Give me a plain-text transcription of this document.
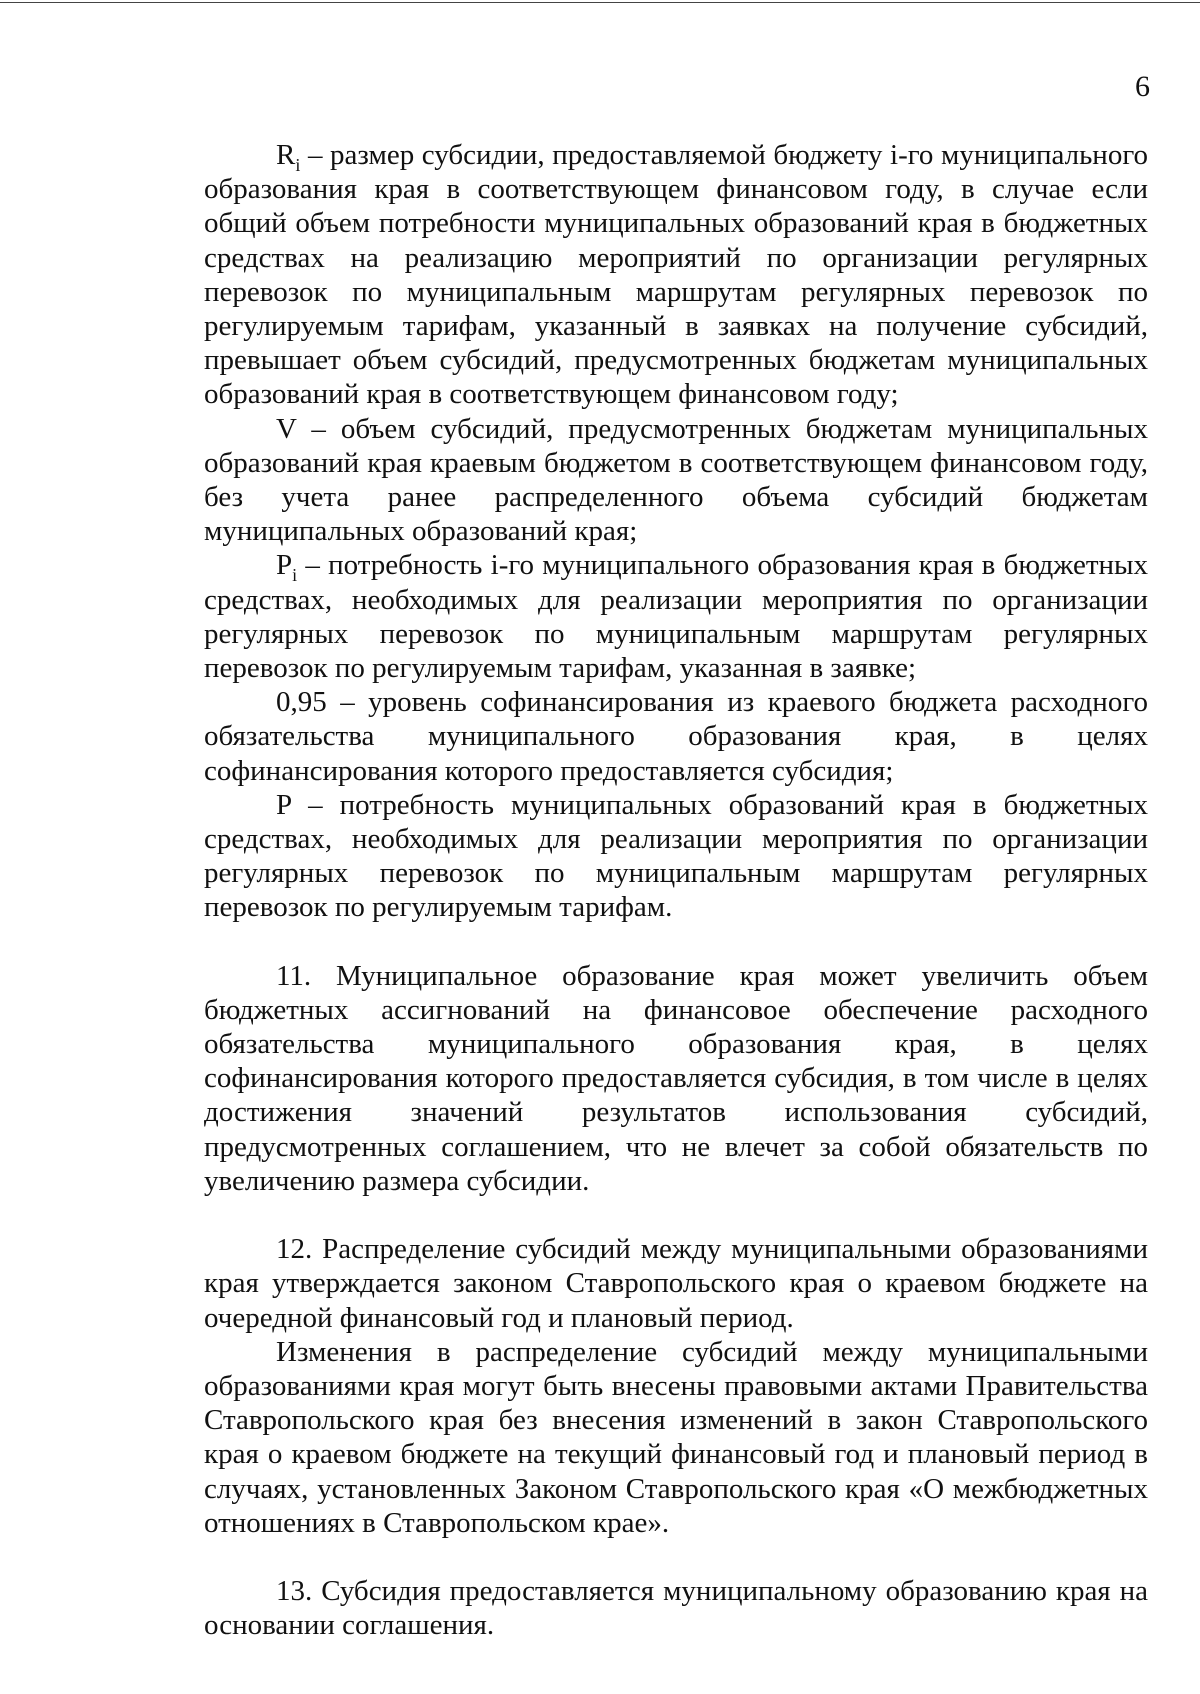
6

$R_i$ – размер субсидии, предоставляемой бюджету i-го муниципального образования края в соответствующем финансовом году, в случае если общий объем потребности муниципальных образований края в бюджетных средствах на реализацию мероприятий по организации регулярных перевозок по муниципальным маршрутам регулярных перевозок по регулируемым тарифам, указанный в заявках на получение субсидий, превышает объем субсидий, предусмотренных бюджетам муниципальных образований края в соответствующем финансовом году;

V – объем субсидий, предусмотренных бюджетам муниципальных образований края краевым бюджетом в соответствующем финансовом году, без учета ранее распределенного объема субсидий бюджетам муниципальных образований края;

$P_i$ – потребность i-го муниципального образования края в бюджетных средствах, необходимых для реализации мероприятия по организации регулярных перевозок по муниципальным маршрутам регулярных перевозок по регулируемым тарифам, указанная в заявке;

0,95 – уровень софинансирования из краевого бюджета расходного обязательства муниципального образования края, в целях софинансирования которого предоставляется субсидия;

P – потребность муниципальных образований края в бюджетных средствах, необходимых для реализации мероприятия по организации регулярных перевозок по муниципальным маршрутам регулярных перевозок по регулируемым тарифам.

11. Муниципальное образование края может увеличить объем бюджетных ассигнований на финансовое обеспечение расходного обязательства муниципального образования края, в целях софинансирования которого предоставляется субсидия, в том числе в целях достижения значений результатов использования субсидий, предусмотренных соглашением, что не влечет за собой обязательств по увеличению размера субсидии.

12. Распределение субсидий между муниципальными образованиями края утверждается законом Ставропольского края о краевом бюджете на очередной финансовый год и плановый период.

Изменения в распределение субсидий между муниципальными образованиями края могут быть внесены правовыми актами Правительства Ставропольского края без внесения изменений в закон Ставропольского края о краевом бюджете на текущий финансовый год и плановый период в случаях, установленных Законом Ставропольского края «О межбюджетных отношениях в Ставропольском крае».

13. Субсидия предоставляется муниципальному образованию края на основании соглашения.
